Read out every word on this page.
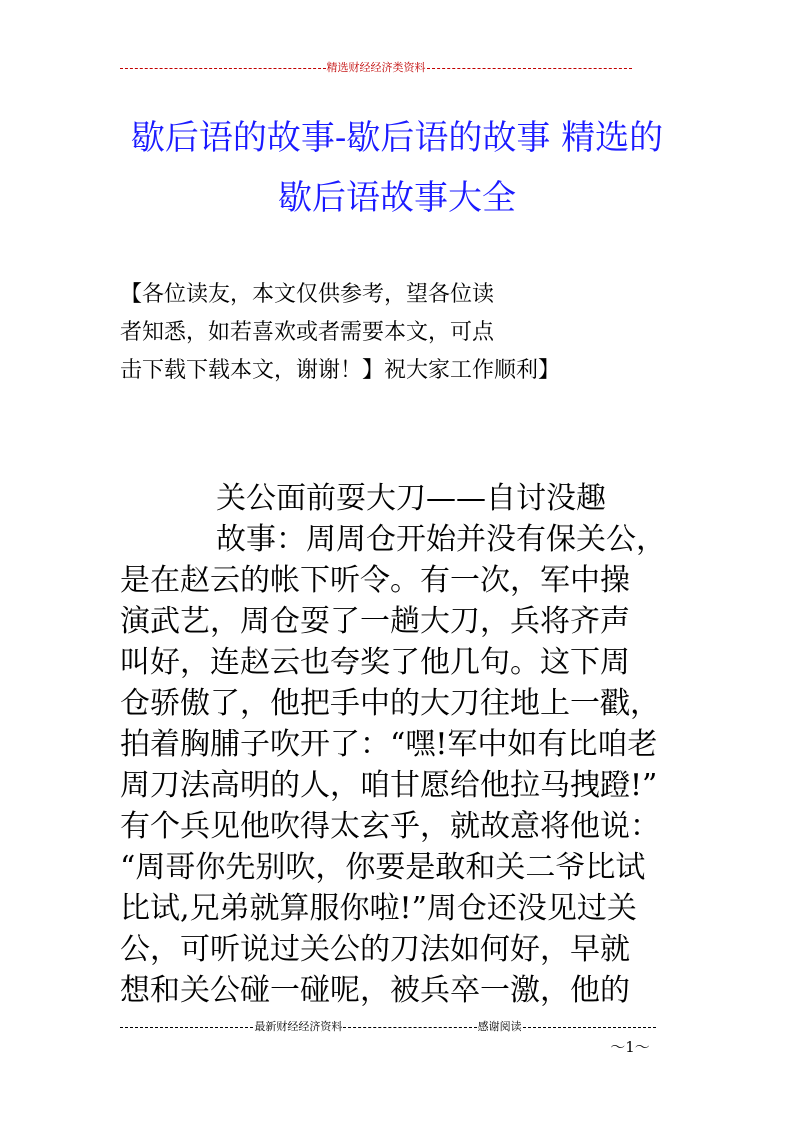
精选财经经济类资料
歇后语的故事-歇后语的故事 精选的
歇后语故事大全

【各位读友，本文仅供参考，望各位读
者知悉，如若喜欢或者需要本文，可点
击下载下载本文，谢谢！】祝大家工作顺利】

关公面前耍大刀——自讨没趣
故事：周周仓开始并没有保关公，
是在赵云的帐下听令。有一次，军中操
演武艺，周仓耍了一趟大刀，兵将齐声
叫好，连赵云也夸奖了他几句。这下周
仓骄傲了，他把手中的大刀往地上一戳，
拍着胸脯子吹开了：“嘿!军中如有比咱老
周刀法高明的人，咱甘愿给他拉马拽蹬!”
有个兵见他吹得太玄乎，就故意将他说：
“周哥你先别吹，你要是敢和关二爷比试
比试,兄弟就算服你啦!”周仓还没见过关
公，可听说过关公的刀法如何好，早就
想和关公碰一碰呢，被兵卒一激，他的
最新财经经济资料	感谢阅读
～1～
